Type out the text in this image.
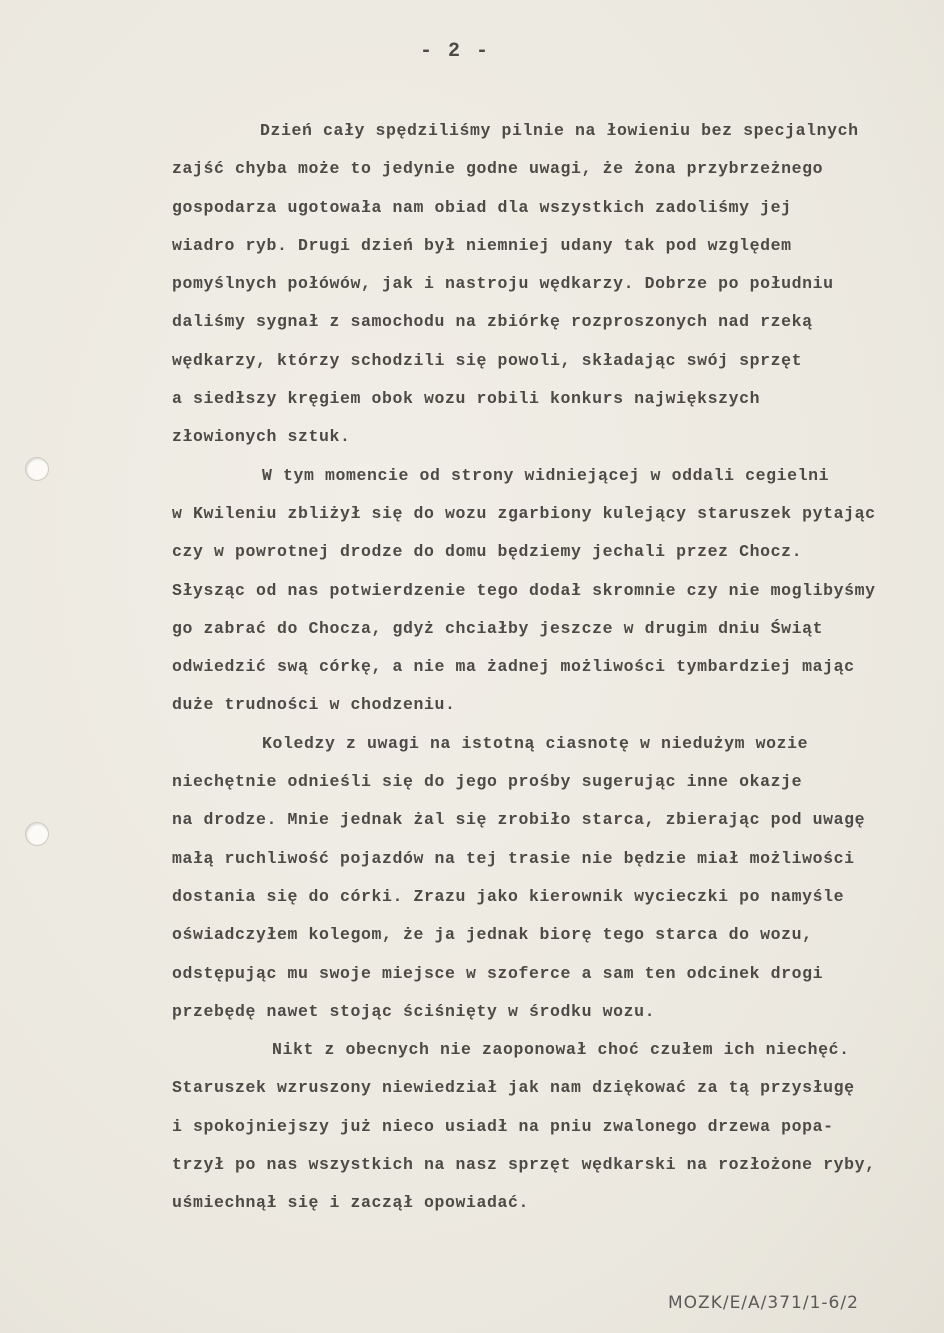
- 2 -
Dzień cały spędziliśmy pilnie na łowieniu bez specjalnych
zajść chyba może to jedynie godne uwagi, że żona przybrzeżnego
gospodarza ugotowała nam obiad dla wszystkich zadoliśmy jej
wiadro ryb. Drugi dzień był niemniej udany tak pod względem
pomyślnych połówów, jak i nastroju wędkarzy. Dobrze po południu
daliśmy sygnał z samochodu na zbiórkę rozproszonych nad rzeką
wędkarzy, którzy schodzili się powoli, składając swój sprzęt
a siedłszy kręgiem obok wozu robili konkurs największych
złowionych sztuk.
W tym momencie od strony widniejącej w oddali cegielni
w Kwileniu zbliżył się do wozu zgarbiony kulejący staruszek pytając
czy w powrotnej drodze do domu będziemy jechali przez Chocz.
Słysząc od nas potwierdzenie tego dodał skromnie czy nie moglibyśmy
go zabrać do Chocza, gdyż chciałby jeszcze w drugim dniu Świąt
odwiedzić swą córkę, a nie ma żadnej możliwości tymbardziej mając
duże trudności w chodzeniu.
Koledzy z uwagi na istotną ciasnotę w niedużym wozie
niechętnie odnieśli się do jego prośby sugerując inne okazje
na drodze. Mnie jednak żal się zrobiło starca, zbierając pod uwagę
małą ruchliwość pojazdów na tej trasie nie będzie miał możliwości
dostania się do córki. Zrazu jako kierownik wycieczki po namyśle
oświadczyłem kolegom, że ja jednak biorę tego starca do wozu,
odstępując mu swoje miejsce w szoferce a sam ten odcinek drogi
przebędę nawet stojąc ściśnięty w środku wozu.
Nikt z obecnych nie zaoponował choć czułem ich niechęć.
Staruszek wzruszony niewiedział jak nam dziękować za tą przysługę
i spokojniejszy już nieco usiadł na pniu zwalonego drzewa popa-
trzył po nas wszystkich na nasz sprzęt wędkarski na rozłożone ryby,
uśmiechnął się i zaczął opowiadać.
MOZK/E/A/371/1-6/2
